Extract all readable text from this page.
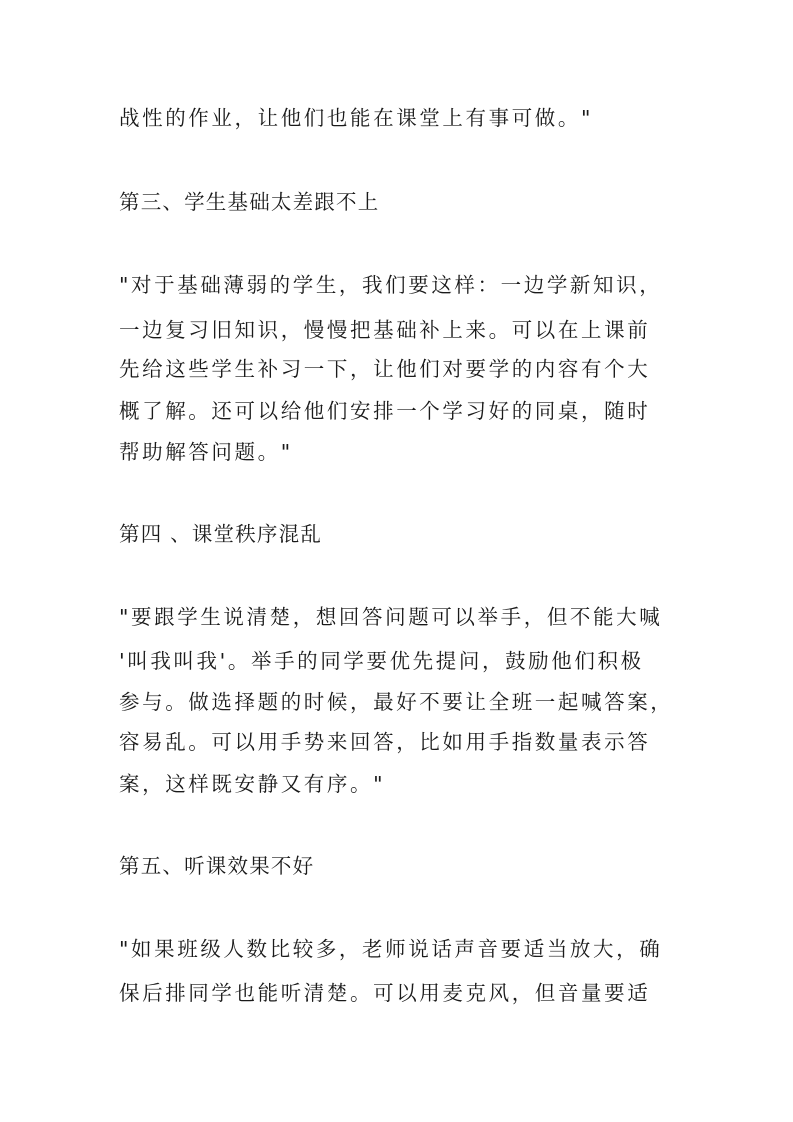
战性的作业，让他们也能在课堂上有事可做。"
第三、学生基础太差跟不上
"对于基础薄弱的学生，我们要这样：一边学新知识，
一边复习旧知识，慢慢把基础补上来。可以在上课前
先给这些学生补习一下，让他们对要学的内容有个大
概了解。还可以给他们安排一个学习好的同桌，随时
帮助解答问题。"
第四 、课堂秩序混乱
"要跟学生说清楚，想回答问题可以举手，但不能大喊
'叫我叫我'。举手的同学要优先提问，鼓励他们积极
参与。做选择题的时候，最好不要让全班一起喊答案，
容易乱。可以用手势来回答，比如用手指数量表示答
案，这样既安静又有序。"
第五、听课效果不好
"如果班级人数比较多，老师说话声音要适当放大，确
保后排同学也能听清楚。可以用麦克风，但音量要适
